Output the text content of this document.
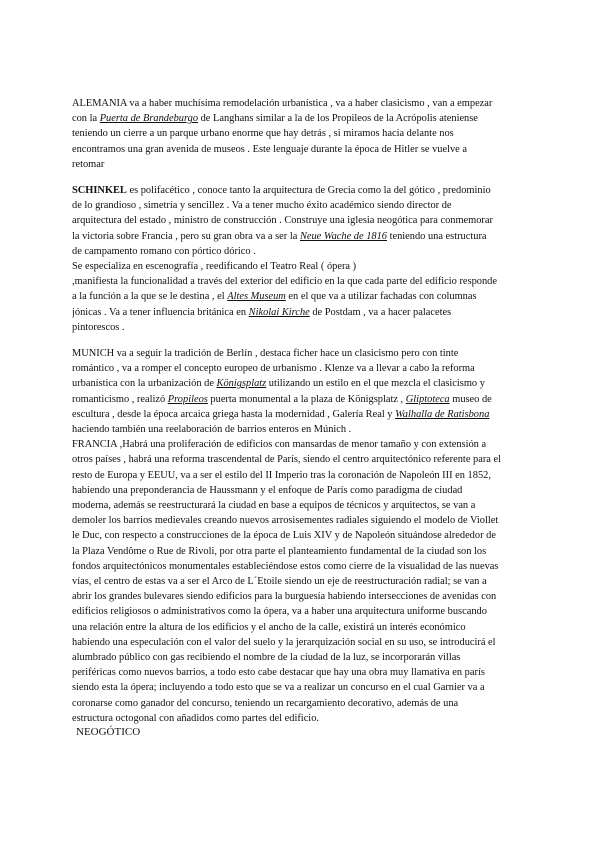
ALEMANIA va a haber muchísima remodelación urbanística , va a haber clasicismo , van a empezar
con la Puerta de Brandeburgo de Langhans similar a la de los Propileos de la Acrópolis ateniense
teniendo un cierre a un parque urbano enorme que hay detrás , si miramos hacia delante nos
encontramos una gran avenida de museos . Este lenguaje durante la época de Hitler se vuelve a
retomar
SCHINKEL es polifacético , conoce tanto la arquitectura de Grecia como la del gótico , predominio
de lo grandioso , simetría y sencillez . Va a tener mucho éxito académico siendo director de
arquitectura del estado , ministro de construcción . Construye una iglesia neogótica para conmemorar
la victoria sobre Francia , pero su gran obra va a ser la Neue Wache de 1816 teniendo una estructura
de campamento romano con pórtico dórico .
Se especializa en escenografía , reedificando el Teatro Real ( ópera )
,manifiesta la funcionalidad a través del exterior del edificio en la que cada parte del edificio responde
a la función a la que se le destina , el Altes Museum en el que va a utilizar fachadas con columnas
jónicas . Va a tener influencia británica en Nikolai Kirche de Postdam , va a hacer palacetes
pintorescos .
MUNICH va a seguir la tradición de Berlín , destaca ficher hace un clasicismo pero con tinte
romántico , va a romper el concepto europeo de urbanismo . Klenze va a llevar a cabo la reforma
urbanística con la urbanización de Königsplatz utilizando un estilo en el que mezcla el clasicismo y
romanticismo , realizó Propileos puerta monumental a la plaza de Königsplatz , Gliptoteca museo de
escultura , desde la época arcaica griega hasta la modernidad , Galería Real y Walhalla de Ratisbona
haciendo también una reelaboración de barrios enteros en Múnich .
FRANCIA ,Habrá una proliferación de edificios con mansardas de menor tamaño y con extensión a
otros países , habrá una reforma trascendental de París, siendo el centro arquitectónico referente para el
resto de Europa y EEUU, va a ser el estilo del II Imperio tras la coronación de Napoleón III en 1852,
habiendo una preponderancia de Haussmann y el enfoque de París como paradigma de ciudad
moderna, además se reestructurará la ciudad en base a equipos de técnicos y arquitectos, se van a
demoler los barrios medievales creando nuevos arrosisementes radiales siguiendo el modelo de Viollet
le Duc, con respecto a construcciones de la época de Luis XIV y de Napoleón situándose alrededor de
la Plaza Vendôme o Rue de Rivoli, por otra parte el planteamiento fundamental de la ciudad son los
fondos arquitectónicos monumentales estableciéndose estos como cierre de la visualidad de las nuevas
vías, el centro de estas va a ser el Arco de L´Etoile siendo un eje de reestructuración radial; se van a
abrir los grandes bulevares siendo edificios para la burguesía habiendo intersecciones de avenidas con
edificios religiosos o administrativos como la ópera, va a haber una arquitectura uniforme buscando
una relación entre la altura de los edificios y el ancho de la calle, existirá un interés económico
habiendo una especulación con el valor del suelo y la jerarquización social en su uso, se introducirá el
alumbrado público con gas recibiendo el nombre de la ciudad de la luz, se incorporarán villas
periféricas como nuevos barrios, a todo esto cabe destacar que hay una obra muy llamativa en parís
siendo esta la ópera; incluyendo a todo esto que se va a realizar un concurso en el cual Garnier va a
coronarse como ganador del concurso, teniendo un recargamiento decorativo, además de una
estructura octogonal con añadidos como partes del edificio.
NEOGÓTICO
